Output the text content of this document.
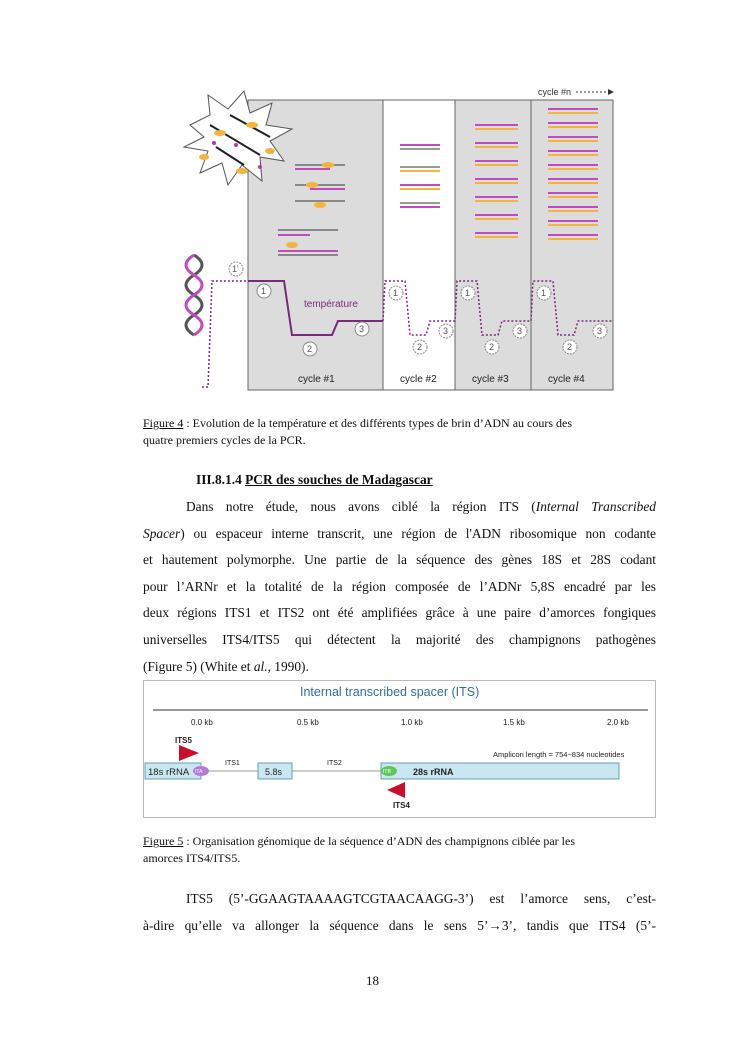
cycle #n
température
1'
1
2
3
1
2
3
1
2
3
1
2
3
cycle #1	cycle #2	cycle #3	cycle #4
Figure 4 : Evolution de la température et des différents types de brin d’ADN au cours des
quatre premiers cycles de la PCR.
III.8.1.4 PCR des souches de Madagascar
Dans notre étude, nous avons ciblé la région ITS (Internal Transcribed
Spacer) ou espaceur interne transcrit, une région de l'ADN ribosomique non codante
et hautement polymorphe. Une partie de la séquence des gènes 18S et 28S codant
pour l’ARNr et la totalité de la région composée de l’ADNr 5,8S encadré par les
deux régions ITS1 et ITS2 ont été amplifiées grâce à une paire d’amorces fongiques
universelles ITS4/ITS5 qui détectent la majorité des champignons pathogènes
(Figure 5) (White et al., 1990).
Internal transcribed spacer (ITS)
0.0 kb	0.5 kb	1.0 kb	1.5 kb	2.0 kb
ITS5
Amplicon length = 754~834 nucleotides
18s rRNA ITA
ITS1
5.8s
ITS2
ITB 28s rRNA
ITS4
Figure 5 : Organisation génomique de la séquence d’ADN des champignons ciblée par les
amorces ITS4/ITS5.
ITS5 (5’-GGAAGTAAAAGTCGTAACAAGG-3’) est l’amorce sens, c’est-
à-dire qu’elle va allonger la séquence dans le sens 5’→3’, tandis que ITS4 (5’-
18
